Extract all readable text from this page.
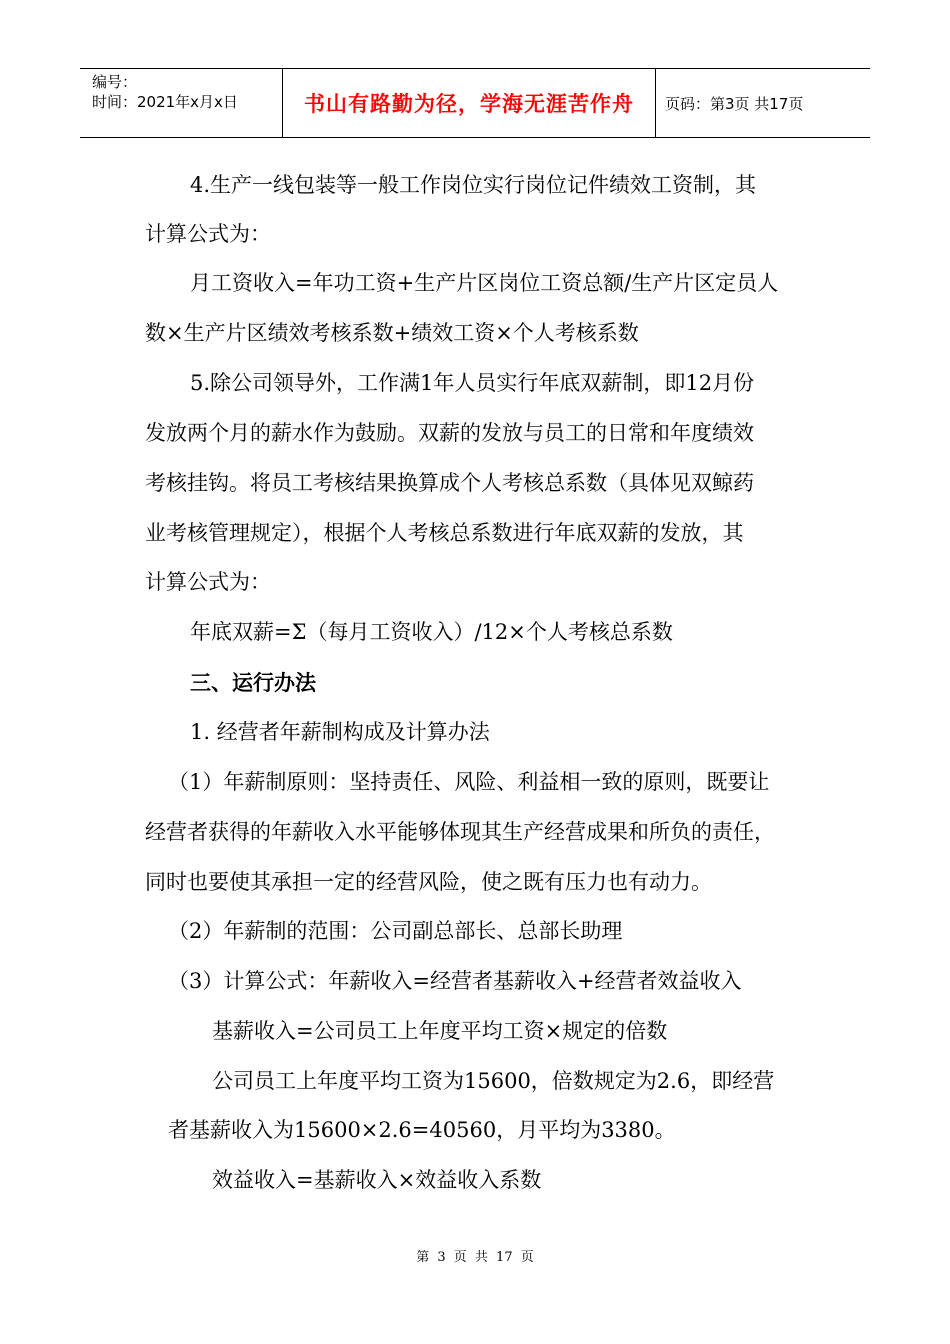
编号：
时间：2021年x月x日	书山有路勤为径，学海无涯苦作舟 页码：第3页 共17页
4.生产一线包装等一般工作岗位实行岗位记件绩效工资制，其
计算公式为：
月工资收入=年功工资+生产片区岗位工资总额/生产片区定员人
数×生产片区绩效考核系数+绩效工资×个人考核系数
5.除公司领导外，工作满1年人员实行年底双薪制，即12月份
发放两个月的薪水作为鼓励。双薪的发放与员工的日常和年度绩效
考核挂钩。将员工考核结果换算成个人考核总系数（具体见双鲸药
业考核管理规定），根据个人考核总系数进行年底双薪的发放，其
计算公式为：
年底双薪=Σ（每月工资收入）/12×个人考核总系数
三、运行办法
1. 经营者年薪制构成及计算办法
（1）年薪制原则：坚持责任、风险、利益相一致的原则，既要让
经营者获得的年薪收入水平能够体现其生产经营成果和所负的责任，
同时也要使其承担一定的经营风险，使之既有压力也有动力。
（2）年薪制的范围：公司副总部长、总部长助理
（3）计算公式：年薪收入=经营者基薪收入+经营者效益收入
基薪收入=公司员工上年度平均工资×规定的倍数
公司员工上年度平均工资为15600，倍数规定为2.6，即经营
者基薪收入为15600×2.6=40560，月平均为3380。
效益收入=基薪收入×效益收入系数
第 3 页 共 17 页
